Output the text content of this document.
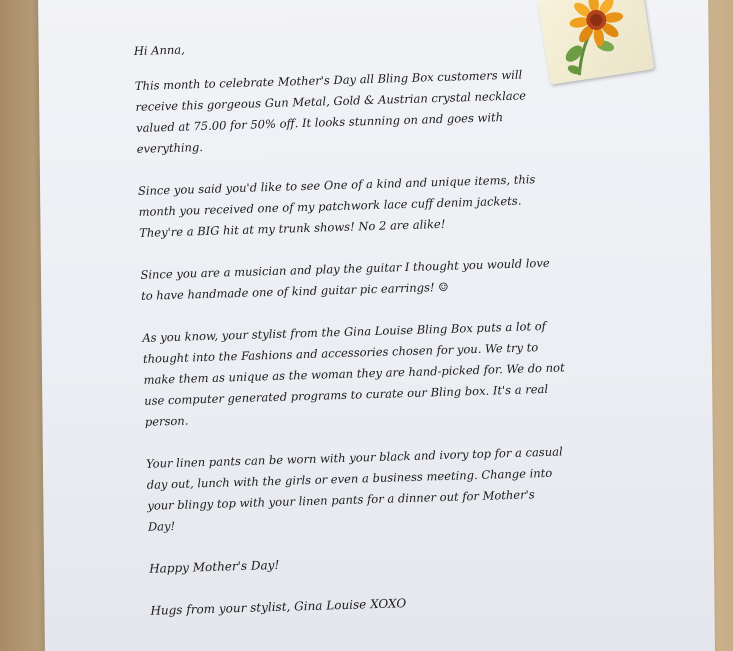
Hi Anna,

This month to celebrate Mother's Day all Bling Box customers will
receive this gorgeous Gun Metal, Gold & Austrian crystal necklace
valued at 75.00 for 50% off. It looks stunning on and goes with
everything.

Since you said you'd like to see One of a kind and unique items, this
month you received one of my patchwork lace cuff denim jackets.
They're a BIG hit at my trunk shows! No 2 are alike!

Since you are a musician and play the guitar I thought you would love
to have handmade one of kind guitar pic earrings! ☺

As you know, your stylist from the Gina Louise Bling Box puts a lot of
thought into the Fashions and accessories chosen for you. We try to
make them as unique as the woman they are hand-picked for. We do not
use computer generated programs to curate our Bling box. It's a real
person.

Your linen pants can be worn with your black and ivory top for a casual
day out, lunch with the girls or even a business meeting. Change into
your blingy top with your linen pants for a dinner out for Mother's
Day!

Happy Mother's Day!

Hugs from your stylist, Gina Louise XOXO
